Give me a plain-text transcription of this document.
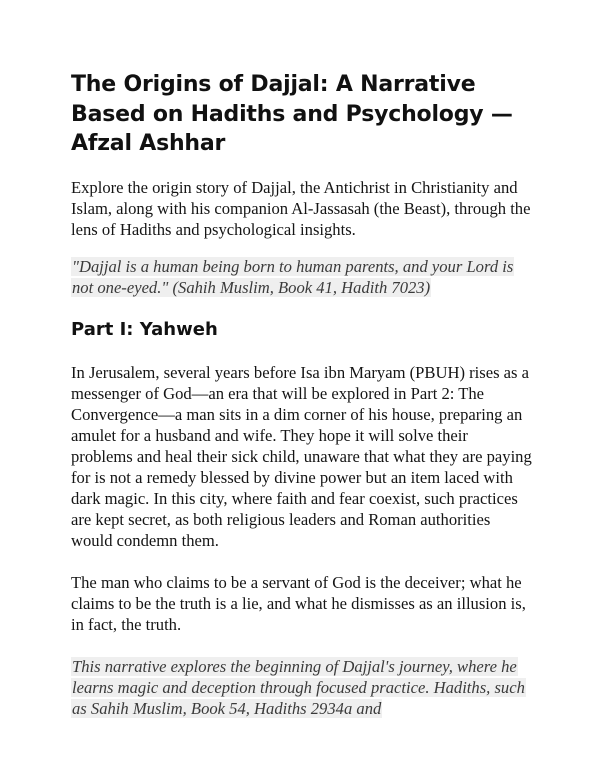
The Origins of Dajjal: A Narrative Based on Hadiths and Psychology — Afzal Ashhar

Explore the origin story of Dajjal, the Antichrist in Christianity and Islam, along with his companion Al-Jassasah (the Beast), through the lens of Hadiths and psychological insights.

"Dajjal is a human being born to human parents, and your Lord is not one-eyed." (Sahih Muslim, Book 41, Hadith 7023)

Part I: Yahweh

In Jerusalem, several years before Isa ibn Maryam (PBUH) rises as a messenger of God—an era that will be explored in Part 2: The Convergence—a man sits in a dim corner of his house, preparing an amulet for a husband and wife. They hope it will solve their problems and heal their sick child, unaware that what they are paying for is not a remedy blessed by divine power but an item laced with dark magic. In this city, where faith and fear coexist, such practices are kept secret, as both religious leaders and Roman authorities would condemn them.

The man who claims to be a servant of God is the deceiver; what he claims to be the truth is a lie, and what he dismisses as an illusion is, in fact, the truth.

This narrative explores the beginning of Dajjal's journey, where he learns magic and deception through focused practice. Hadiths, such as Sahih Muslim, Book 54, Hadiths 2934a and
